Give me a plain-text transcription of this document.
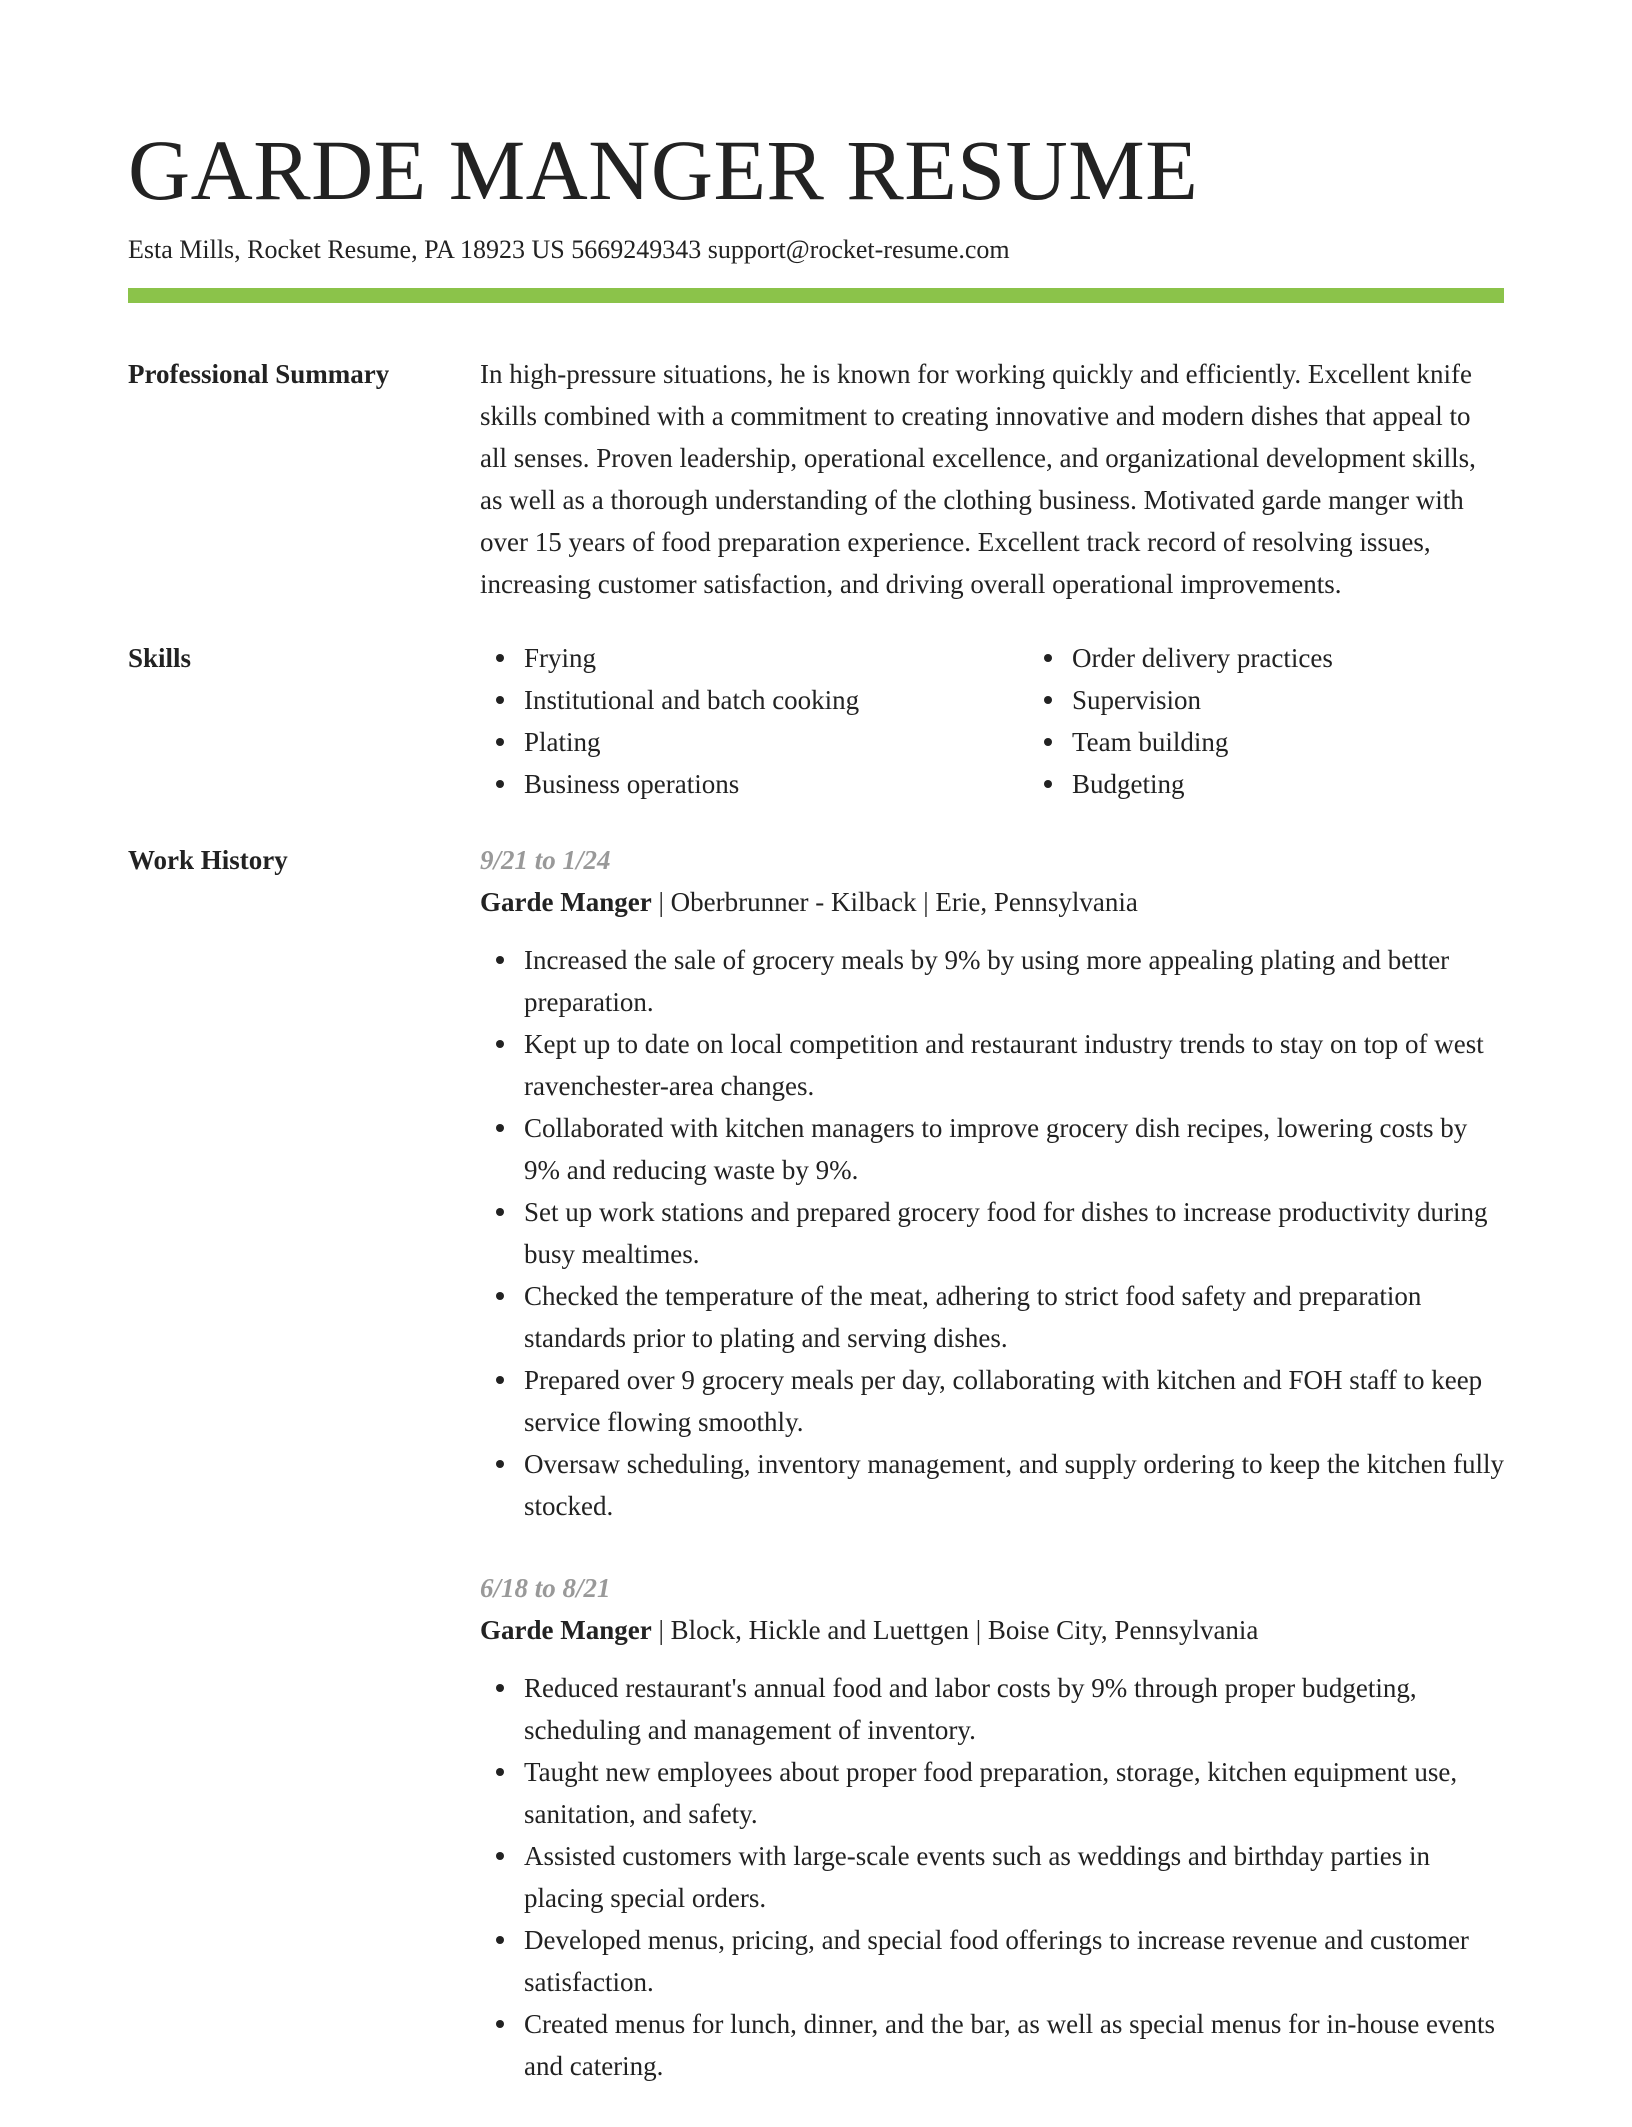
GARDE MANGER RESUME
Esta Mills, Rocket Resume, PA 18923 US 5669249343 support@rocket-resume.com
Professional Summary	In high-pressure situations, he is known for working quickly and efficiently. Excellent knife skills combined with a commitment to creating innovative and modern dishes that appeal to all senses. Proven leadership, operational excellence, and organizational development skills, as well as a thorough understanding of the clothing business. Motivated garde manger with over 15 years of food preparation experience. Excellent track record of resolving issues, increasing customer satisfaction, and driving overall operational improvements.

Skills	Frying
Institutional and batch cooking
Plating
Business operations
Order delivery practices
Supervision
Team building
Budgeting
Work History	9/21 to 1/24
Garde Manger | Oberbrunner - Kilback | Erie, Pennsylvania
Increased the sale of grocery meals by 9% by using more appealing plating and better preparation.
Kept up to date on local competition and restaurant industry trends to stay on top of west ravenchester-area changes.
Collaborated with kitchen managers to improve grocery dish recipes, lowering costs by 9% and reducing waste by 9%.
Set up work stations and prepared grocery food for dishes to increase productivity during busy mealtimes.
Checked the temperature of the meat, adhering to strict food safety and preparation standards prior to plating and serving dishes.
Prepared over 9 grocery meals per day, collaborating with kitchen and FOH staff to keep service flowing smoothly.
Oversaw scheduling, inventory management, and supply ordering to keep the kitchen fully stocked.
6/18 to 8/21
Garde Manger | Block, Hickle and Luettgen | Boise City, Pennsylvania
Reduced restaurant's annual food and labor costs by 9% through proper budgeting, scheduling and management of inventory.
Taught new employees about proper food preparation, storage, kitchen equipment use, sanitation, and safety.
Assisted customers with large-scale events such as weddings and birthday parties in placing special orders.
Developed menus, pricing, and special food offerings to increase revenue and customer satisfaction.
Created menus for lunch, dinner, and the bar, as well as special menus for in-house events and catering.
